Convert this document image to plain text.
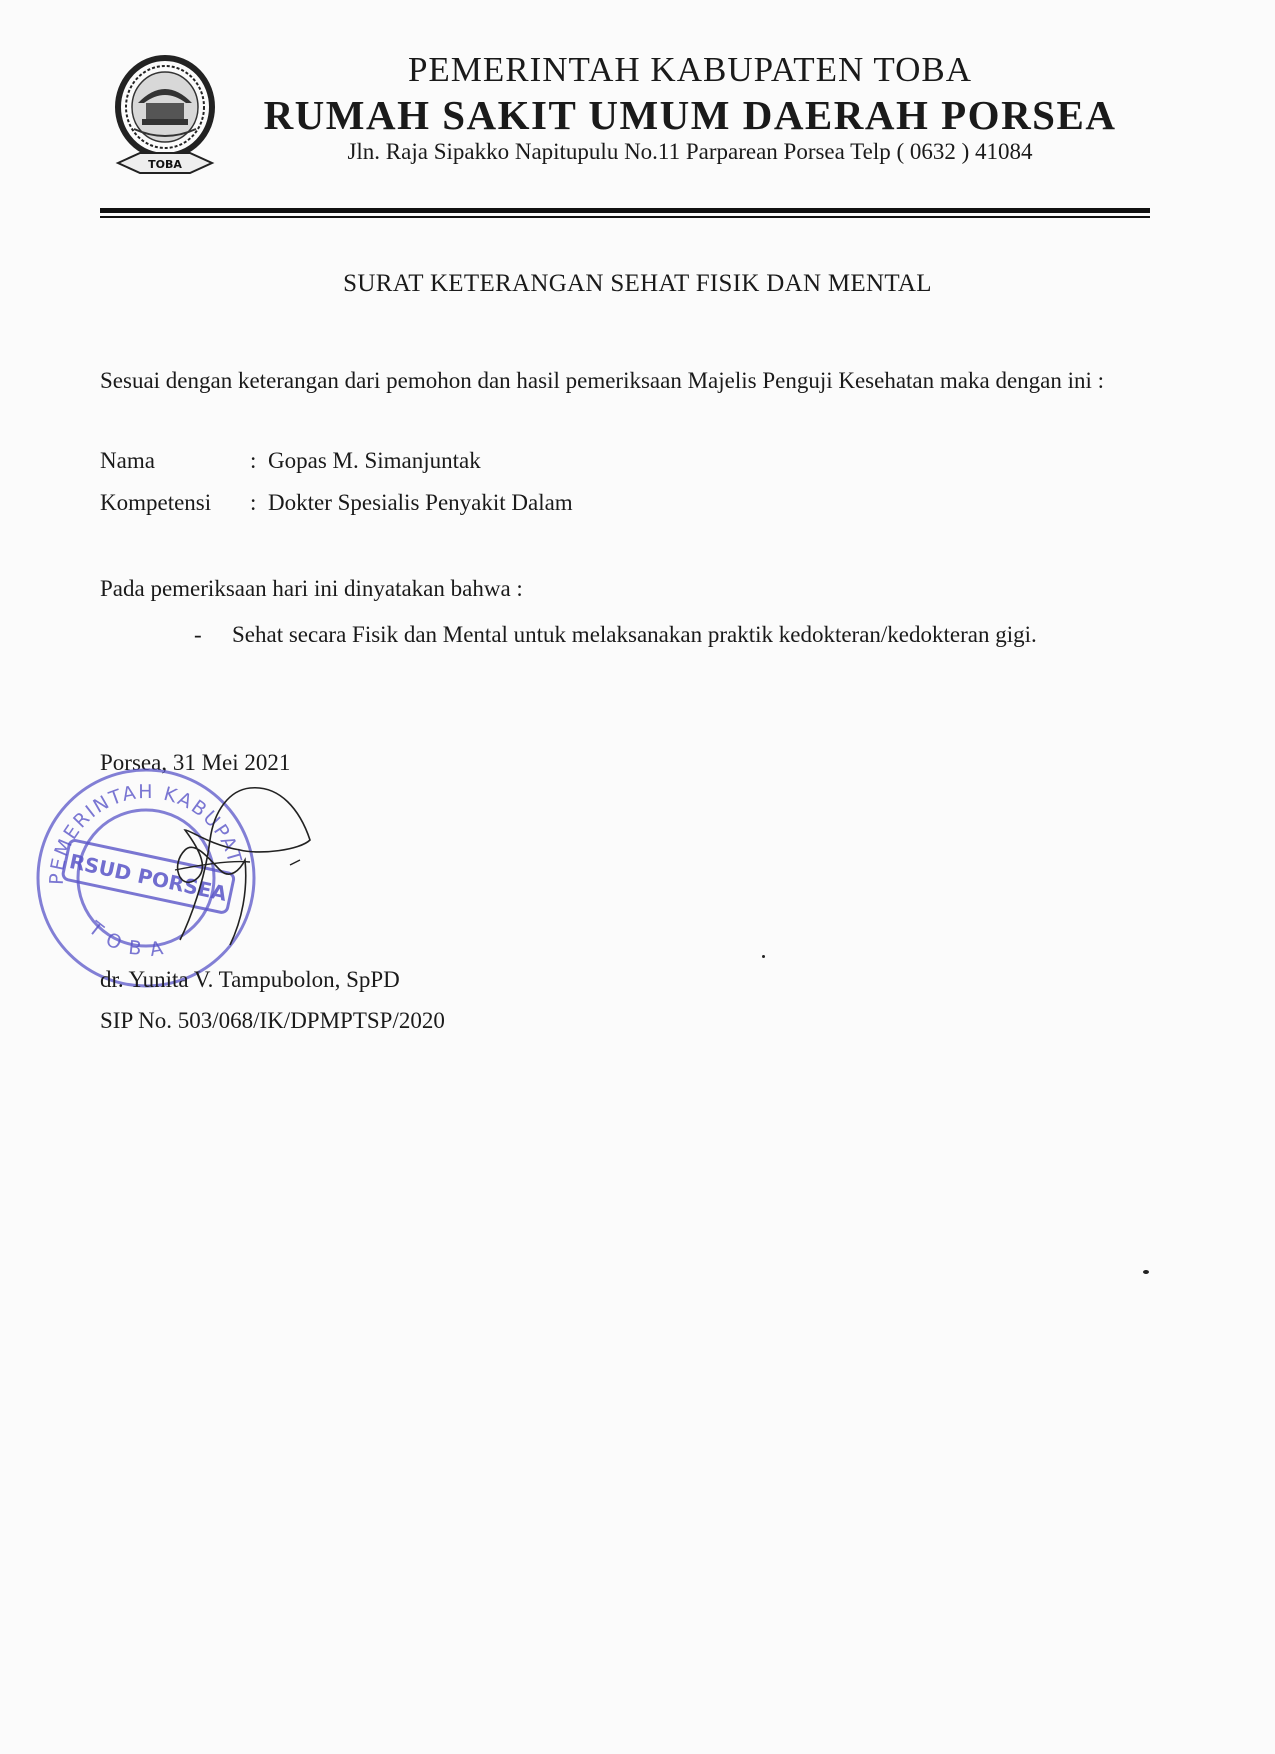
TOBA
PEMERINTAH KABUPATEN TOBA
RUMAH SAKIT UMUM DAERAH PORSEA
Jln. Raja Sipakko Napitupulu No.11 Parparean Porsea Telp ( 0632 ) 41084
SURAT KETERANGAN SEHAT FISIK DAN MENTAL
Sesuai dengan keterangan dari pemohon dan hasil pemeriksaan Majelis Penguji Kesehatan maka dengan ini :
Nama	: Gopas M. Simanjuntak
Kompetensi : Dokter Spesialis Penyakit Dalam
Pada pemeriksaan hari ini dinyatakan bahwa :
- Sehat secara Fisik dan Mental untuk melaksanakan praktik kedokteran/kedokteran gigi.
Porsea, 31 Mei 2021
PEMERINTAH KABUPAT
TOBA
RSUD PORSEA
dr. Yunita V. Tampubolon, SpPD
SIP No. 503/068/IK/DPMPTSP/2020
